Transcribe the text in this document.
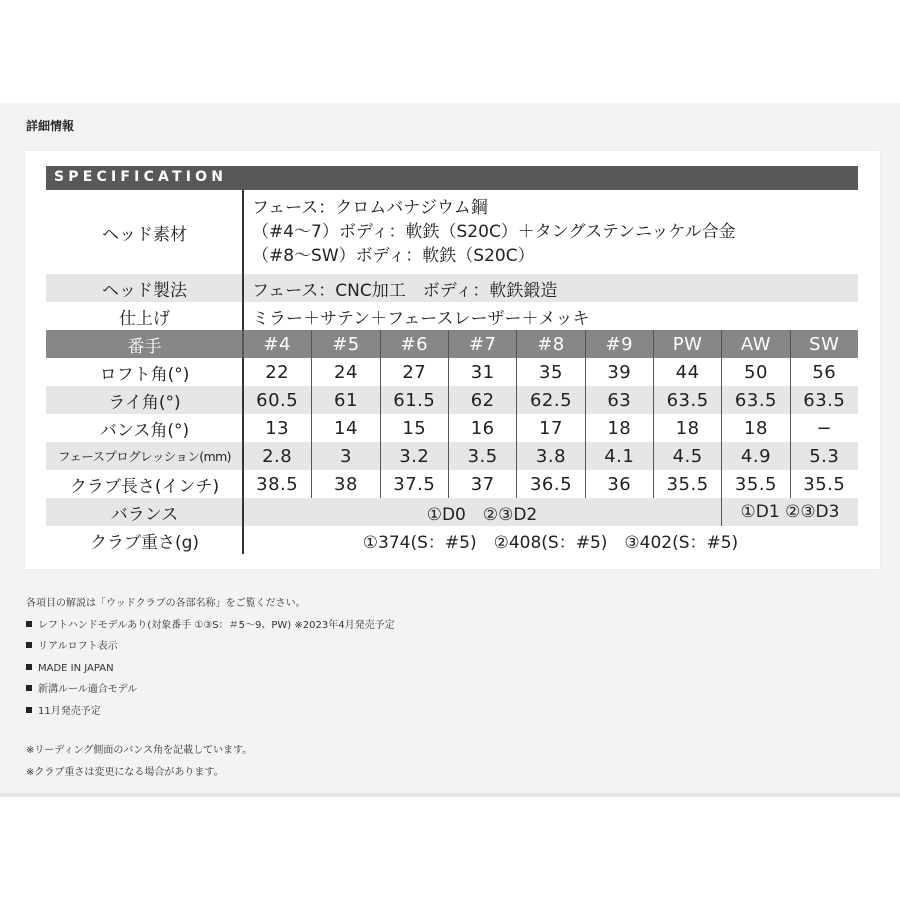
詳細情報
SPECIFICATION
ヘッド素材
フェース：クロムバナジウム鋼
（#4〜7）ボディ：軟鉄（S20C）＋タングステンニッケル合金
（#8〜SW）ボディ：軟鉄（S20C）
ヘッド製法	フェース：CNC加工　ボディ：軟鉄鍛造
仕上げ	ミラー＋サテン＋フェースレーザー＋メッキ
番手	#4	#5	#6	#7	#8	#9	PW	AW	SW
ロフト角(°)	22	24	27	31	35	39	44	50	56
ライ角(°)	60.5	61	61.5	62	62.5	63	63.5	63.5	63.5
バンス角(°)	13	14	15	16	17	18	18	18	−
フェースプログレッション(mm)	2.8	3	3.2	3.5	3.8	4.1	4.5	4.9	5.3
クラブ長さ(インチ)	38.5	38	37.5	37	36.5	36	35.5	35.5	35.5
バランス	①D0　②③D2	①D1 ②③D3
クラブ重さ(g)	①374(S：#5)　②408(S：#5)　③402(S：#5)
各項目の解説は「ウッドクラブの各部名称」をご覧ください。
レフトハンドモデルあり(対象番手 ①③S：＃5〜9、PW) ※2023年4月発売予定
リアルロフト表示
MADE IN JAPAN
新溝ルール適合モデル
11月発売予定
※リーディング側面のバンス角を記載しています。
※クラブ重さは変更になる場合があります。
